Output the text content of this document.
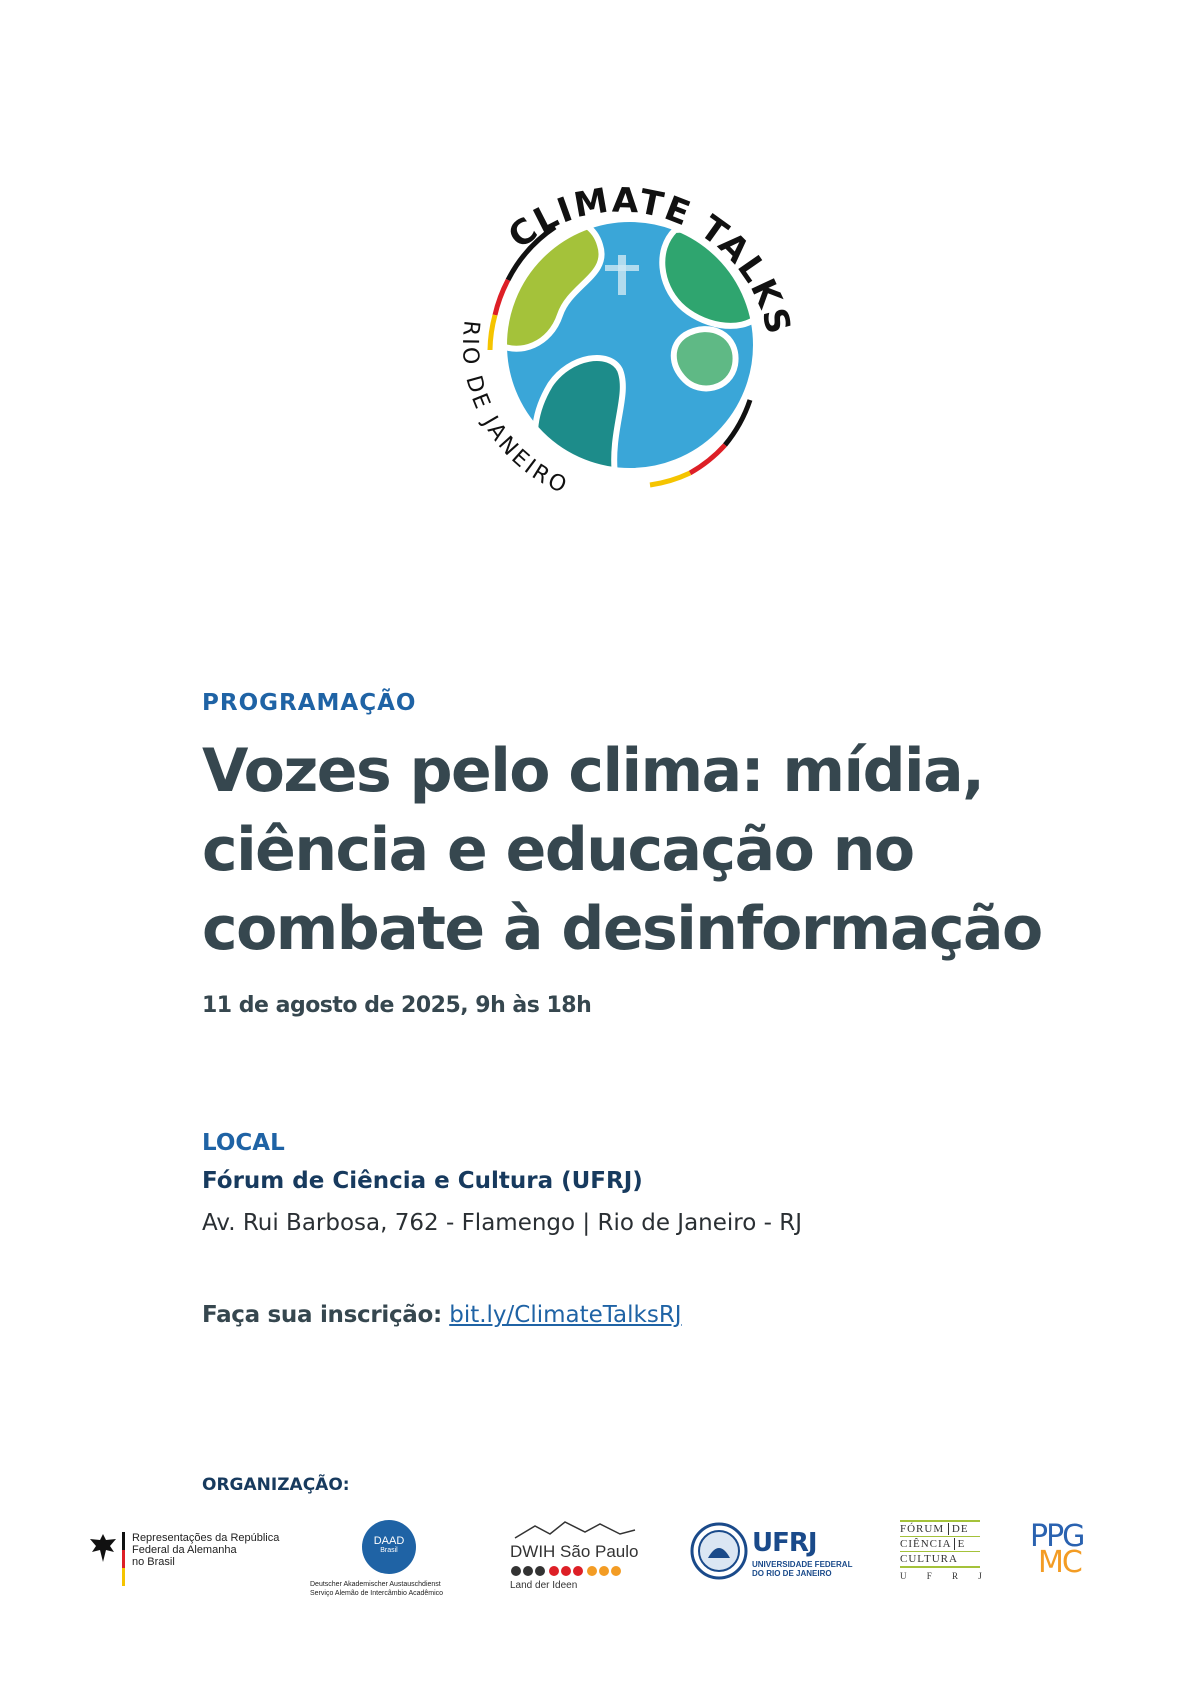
CLIMATE TALKS
RIO DE JANEIRO

PROGRAMAÇÃO

Vozes pelo clima: mídia,
ciência e educação no
combate à desinformação

11 de agosto de 2025, 9h às 18h

LOCAL
Fórum de Ciência e Cultura (UFRJ)
Av. Rui Barbosa, 762 - Flamengo | Rio de Janeiro - RJ
Faça sua inscrição: bit.ly/ClimateTalksRJ
ORGANIZAÇÃO:
Representações da República
Federal da Alemanha
no Brasil
DAAD
Brasil
Deutscher Akademischer Austauschdienst
Serviço Alemão de Intercâmbio Acadêmico
DWIH São Paulo
Land der Ideen
UFRJ
UNIVERSIDADE FEDERAL
DO RIO DE JANEIRO
FÓRUM DE
CIÊNCIA E
CULTURA
U F R J
PPG
MC
